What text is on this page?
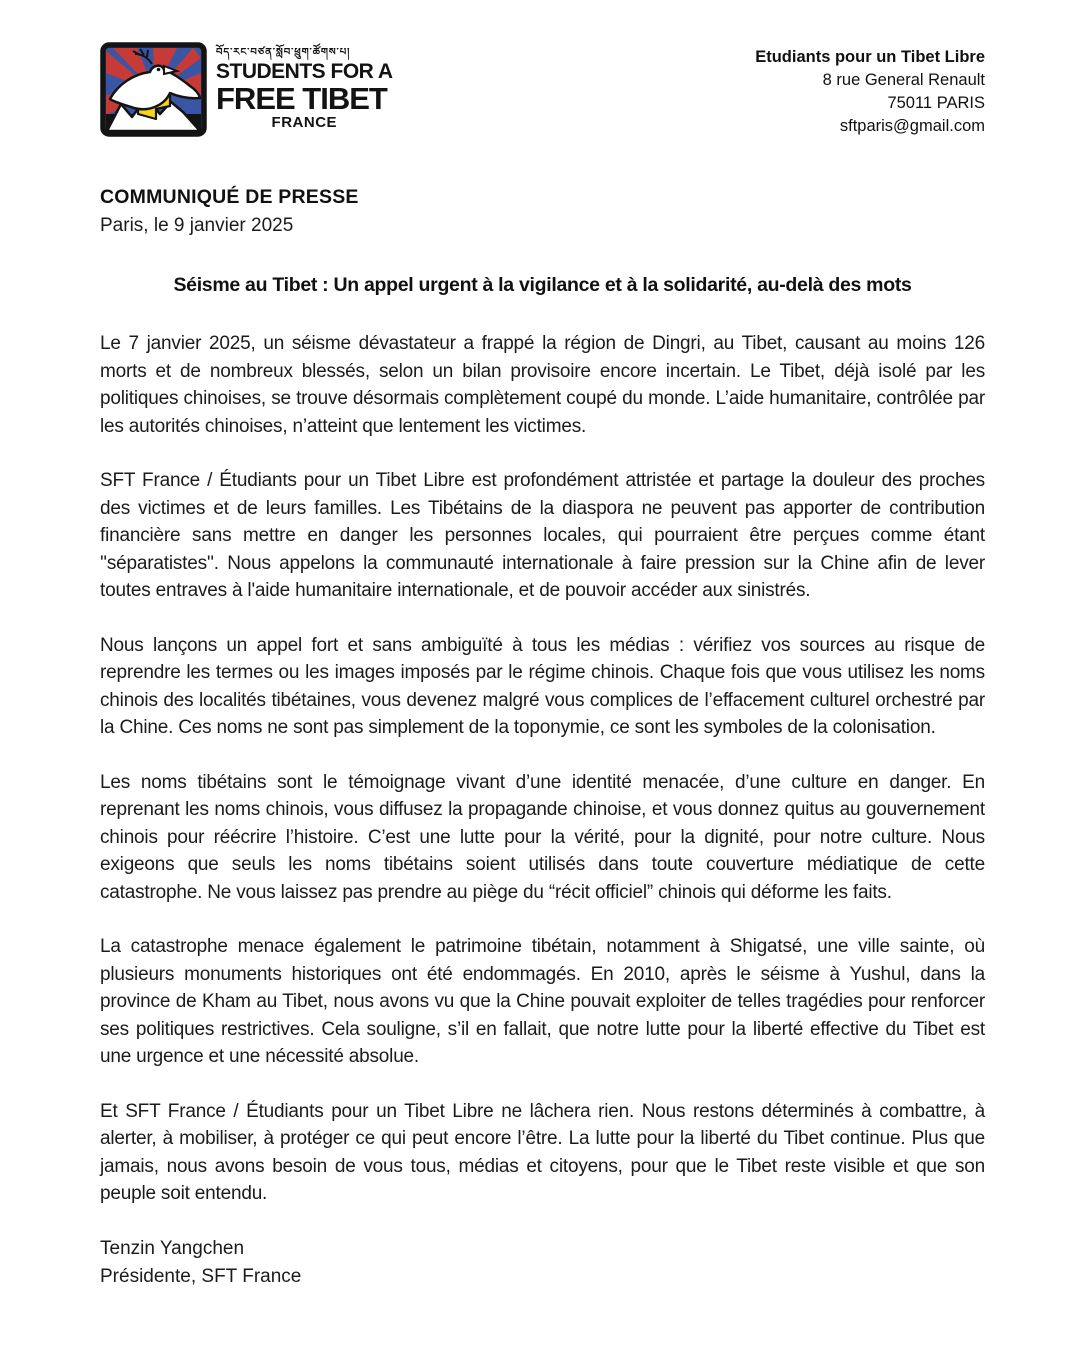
བོད་རང་བཙན་སློབ་ཕྲུག་ཚོགས་པ།
STUDENTS FOR A
FREE TIBET
FRANCE
Etudiants pour un Tibet Libre
8 rue General Renault
75011 PARIS
sftparis@gmail.com
COMMUNIQUÉ DE PRESSE
Paris, le 9 janvier 2025
Séisme au Tibet : Un appel urgent à la vigilance et à la solidarité, au-delà des mots

Le 7 janvier 2025, un séisme dévastateur a frappé la région de Dingri, au Tibet, causant au moins 126 morts et de nombreux blessés, selon un bilan provisoire encore incertain. Le Tibet, déjà isolé par les politiques chinoises, se trouve désormais complètement coupé du monde. L’aide humanitaire, contrôlée par les autorités chinoises, n’atteint que lentement les victimes.

SFT France / Étudiants pour un Tibet Libre est profondément attristée et partage la douleur des proches des victimes et de leurs familles. Les Tibétains de la diaspora ne peuvent pas apporter de contribution financière sans mettre en danger les personnes locales, qui pourraient être perçues comme étant ''séparatistes''. Nous appelons la communauté internationale à faire pression sur la Chine afin de lever toutes entraves à l'aide humanitaire internationale, et de pouvoir accéder aux sinistrés.

Nous lançons un appel fort et sans ambiguïté à tous les médias : vérifiez vos sources au risque de reprendre les termes ou les images imposés par le régime chinois. Chaque fois que vous utilisez les noms chinois des localités tibétaines, vous devenez malgré vous complices de l’effacement culturel orchestré par la Chine. Ces noms ne sont pas simplement de la toponymie, ce sont les symboles de la colonisation.

Les noms tibétains sont le témoignage vivant d’une identité menacée, d’une culture en danger. En reprenant les noms chinois, vous diffusez la propagande chinoise, et vous donnez quitus au gouvernement chinois pour réécrire l’histoire. C’est une lutte pour la vérité, pour la dignité, pour notre culture. Nous exigeons que seuls les noms tibétains soient utilisés dans toute couverture médiatique de cette catastrophe. Ne vous laissez pas prendre au piège du “récit officiel” chinois qui déforme les faits.

La catastrophe menace également le patrimoine tibétain, notamment à Shigatsé, une ville sainte, où plusieurs monuments historiques ont été endommagés. En 2010, après le séisme à Yushul, dans la province de Kham au Tibet, nous avons vu que la Chine pouvait exploiter de telles tragédies pour renforcer ses politiques restrictives. Cela souligne, s’il en fallait, que notre lutte pour la liberté effective du Tibet est une urgence et une nécessité absolue.

Et SFT France / Étudiants pour un Tibet Libre ne lâchera rien. Nous restons déterminés à combattre, à alerter, à mobiliser, à protéger ce qui peut encore l’être. La lutte pour la liberté du Tibet continue. Plus que jamais, nous avons besoin de vous tous, médias et citoyens, pour que le Tibet reste visible et que son peuple soit entendu.

Tenzin Yangchen
Présidente, SFT France
